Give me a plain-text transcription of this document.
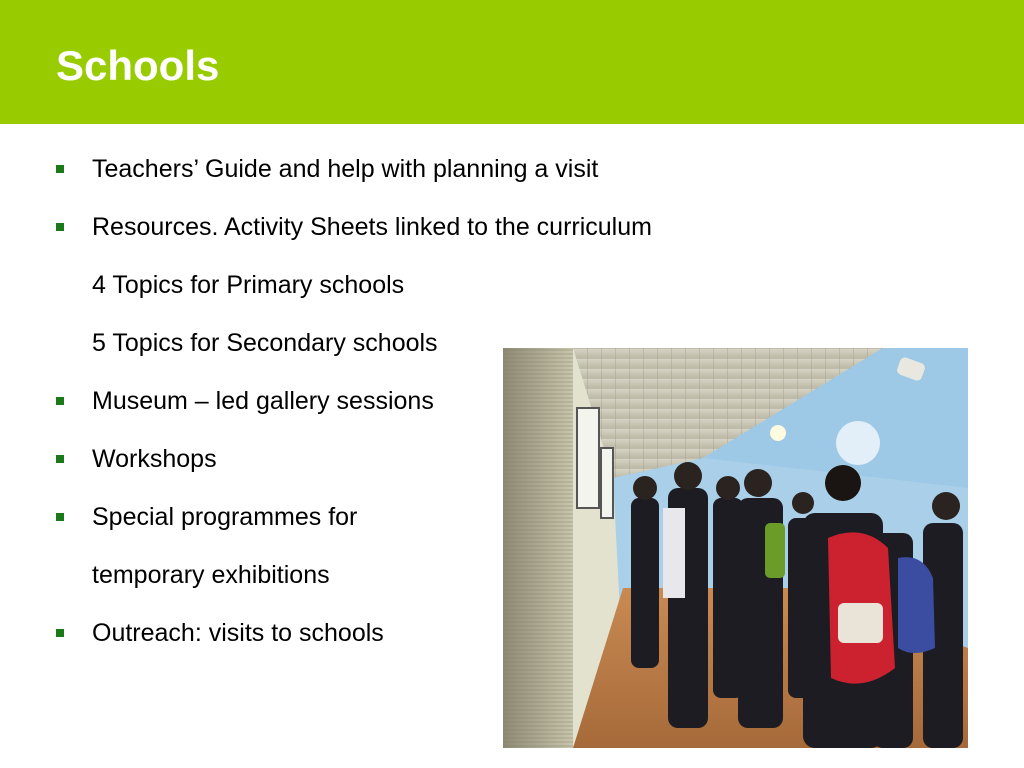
Schools
Teachers’ Guide and help with planning a visit
Resources. Activity Sheets linked to the curriculum
4 Topics for Primary schools
5 Topics for Secondary schools
Museum – led gallery sessions
Workshops
Special programmes for
temporary exhibitions
Outreach: visits to schools
